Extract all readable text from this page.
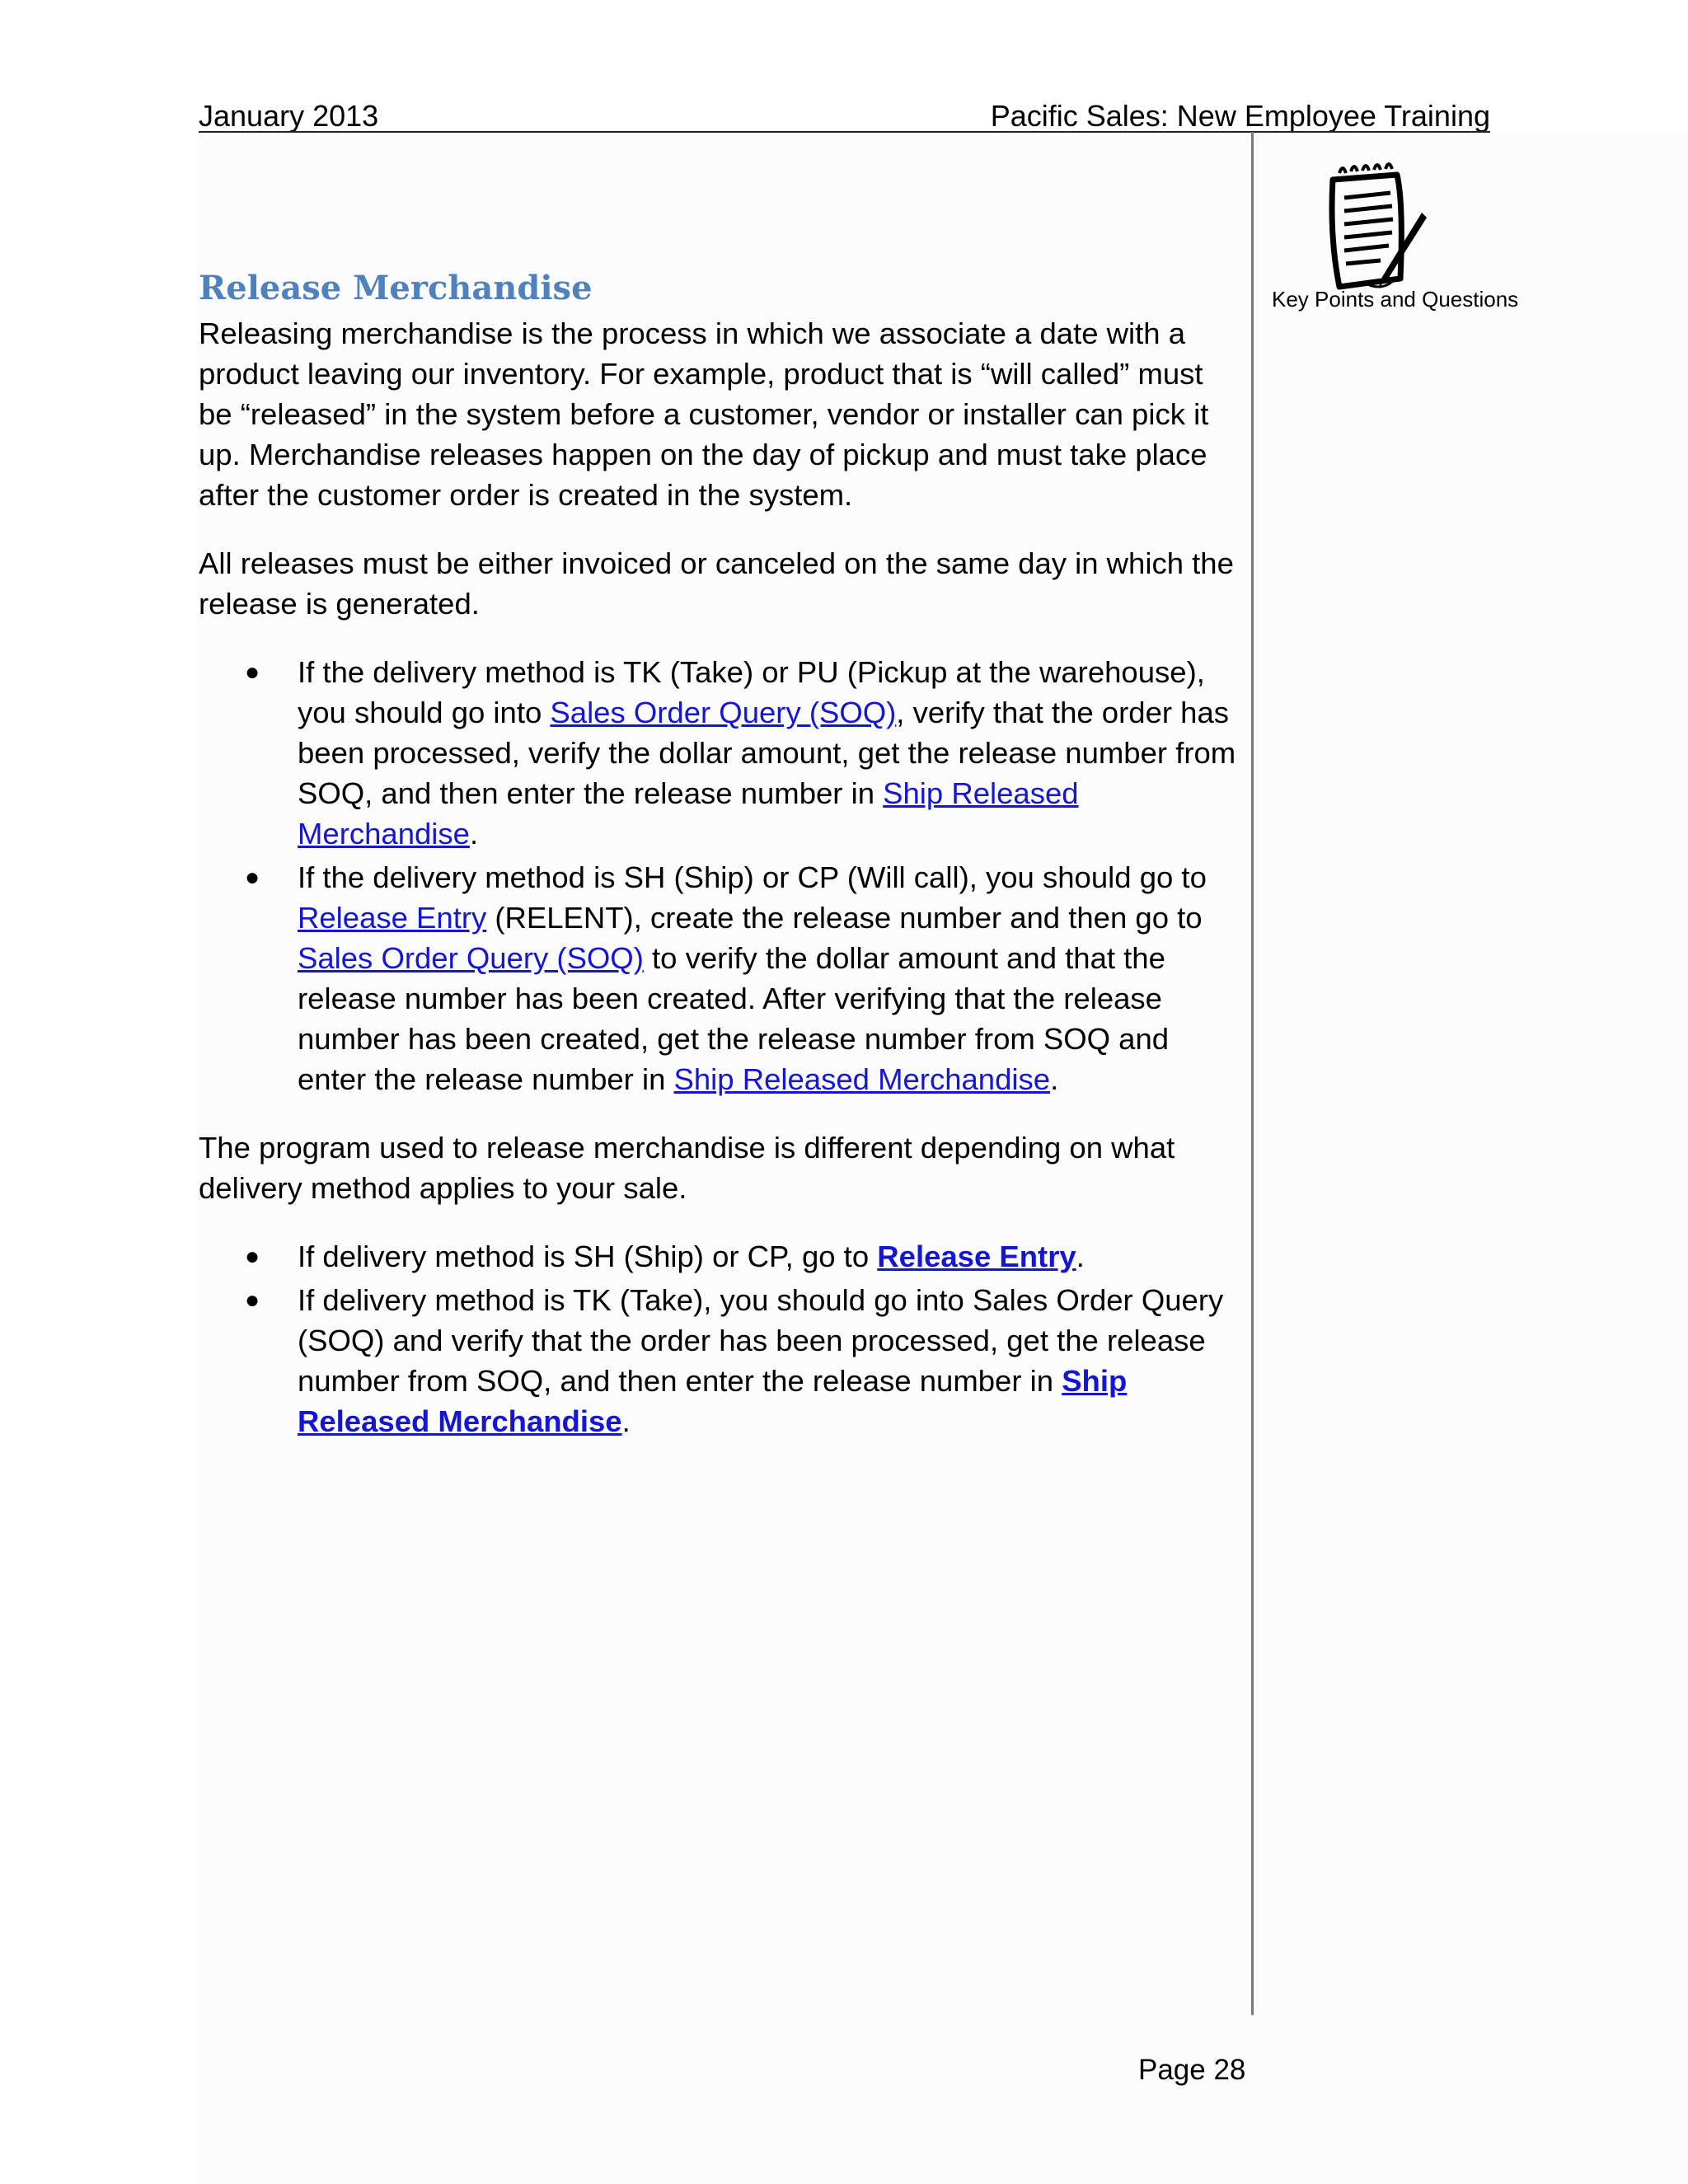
January 2013	Pacific Sales: New Employee Training
Key Points and Questions
Release Merchandise

Releasing merchandise is the process in which we associate a date with a product leaving our inventory. For example, product that is “will called” must be “released” in the system before a customer, vendor or installer can pick it up. Merchandise releases happen on the day of pickup and must take place after the customer order is created in the system.

All releases must be either invoiced or canceled on the same day in which the release is generated.

● If the delivery method is TK (Take) or PU (Pickup at the warehouse), you should go into Sales Order Query (SOQ), verify that the order has been processed, verify the dollar amount, get the release number from SOQ, and then enter the release number in Ship Released Merchandise.
● If the delivery method is SH (Ship) or CP (Will call), you should go to Release Entry (RELENT), create the release number and then go to Sales Order Query (SOQ) to verify the dollar amount and that the release number has been created. After verifying that the release number has been created, get the release number from SOQ and enter the release number in Ship Released Merchandise.

The program used to release merchandise is different depending on what delivery method applies to your sale.

● If delivery method is SH (Ship) or CP, go to Release Entry.
● If delivery method is TK (Take), you should go into Sales Order Query (SOQ) and verify that the order has been processed, get the release number from SOQ, and then enter the release number in Ship Released Merchandise.
Page 28
